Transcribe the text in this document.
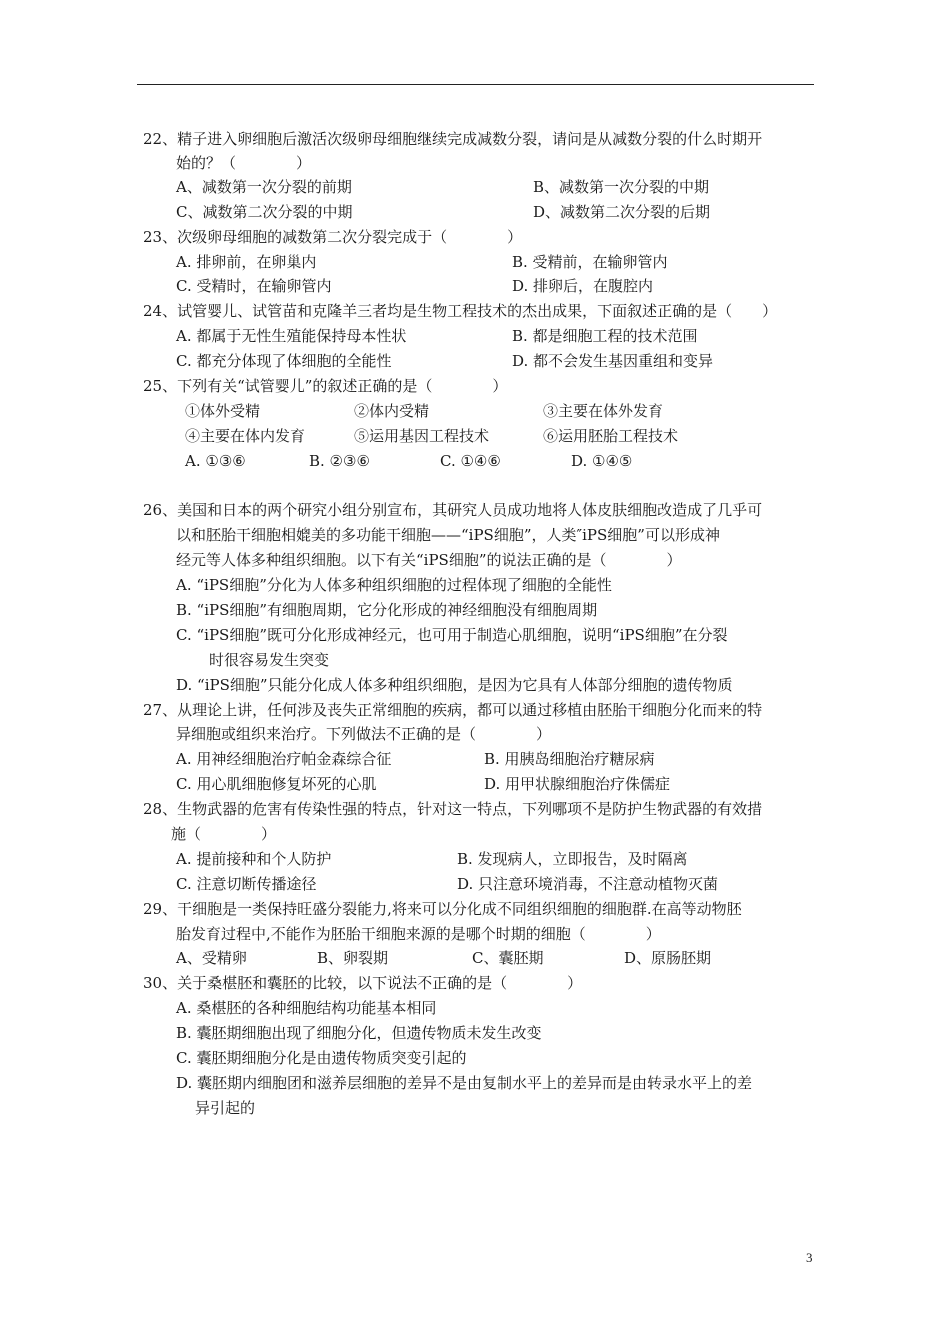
22、精子进入卵细胞后激活次级卵母细胞继续完成减数分裂，请问是从减数分裂的什么时期开
始的？（　　　　）
A、减数第一次分裂的前期	B、减数第一次分裂的中期
C、减数第二次分裂的中期	D、减数第二次分裂的后期
23、次级卵母细胞的减数第二次分裂完成于（　　　　）
A. 排卵前，在卵巢内	B. 受精前，在输卵管内
C. 受精时，在输卵管内	D. 排卵后，在腹腔内
24、试管婴儿、试管苗和克隆羊三者均是生物工程技术的杰出成果，下面叙述正确的是（　　）
A. 都属于无性生殖能保持母本性状	B. 都是细胞工程的技术范围
C. 都充分体现了体细胞的全能性	D. 都不会发生基因重组和变异
25、下列有关“试管婴儿”的叙述正确的是（　　　　）
①体外受精	②体内受精	③主要在体外发育
④主要在体内发育	⑤运用基因工程技术	⑥运用胚胎工程技术
A. ①③⑥	B. ②③⑥	C. ①④⑥	D. ①④⑤
26、美国和日本的两个研究小组分别宣布，其研究人员成功地将人体皮肤细胞改造成了几乎可
以和胚胎干细胞相媲美的多功能干细胞——“iPS细胞”，人类″iPS细胞”可以形成神
经元等人体多种组织细胞。以下有关“iPS细胞”的说法正确的是（　　　　）
A. “iPS细胞”分化为人体多种组织细胞的过程体现了细胞的全能性
B. “iPS细胞”有细胞周期，它分化形成的神经细胞没有细胞周期
C. “iPS细胞”既可分化形成神经元，也可用于制造心肌细胞，说明“iPS细胞”在分裂
时很容易发生突变
D. “iPS细胞”只能分化成人体多种组织细胞，是因为它具有人体部分细胞的遗传物质
27、从理论上讲，任何涉及丧失正常细胞的疾病，都可以通过移植由胚胎干细胞分化而来的特
异细胞或组织来治疗。下列做法不正确的是（　　　　）
A. 用神经细胞治疗帕金森综合征	B. 用胰岛细胞治疗糖尿病
C. 用心肌细胞修复坏死的心肌	D. 用甲状腺细胞治疗侏儒症
28、生物武器的危害有传染性强的特点，针对这一特点，下列哪项不是防护生物武器的有效措
施（　　　　）
A. 提前接种和个人防护	B. 发现病人，立即报告，及时隔离
C. 注意切断传播途径	D. 只注意环境消毒，不注意动植物灭菌
29、干细胞是一类保持旺盛分裂能力,将来可以分化成不同组织细胞的细胞群.在高等动物胚
胎发育过程中,不能作为胚胎干细胞来源的是哪个时期的细胞（　　　　）
A、受精卵	B、卵裂期	C、囊胚期	D、原肠胚期
30、关于桑椹胚和囊胚的比较，以下说法不正确的是（　　　　）
A. 桑椹胚的各种细胞结构功能基本相同
B. 囊胚期细胞出现了细胞分化，但遗传物质未发生改变
C. 囊胚期细胞分化是由遗传物质突变引起的
D. 囊胚期内细胞团和滋养层细胞的差异不是由复制水平上的差异而是由转录水平上的差
异引起的
3
